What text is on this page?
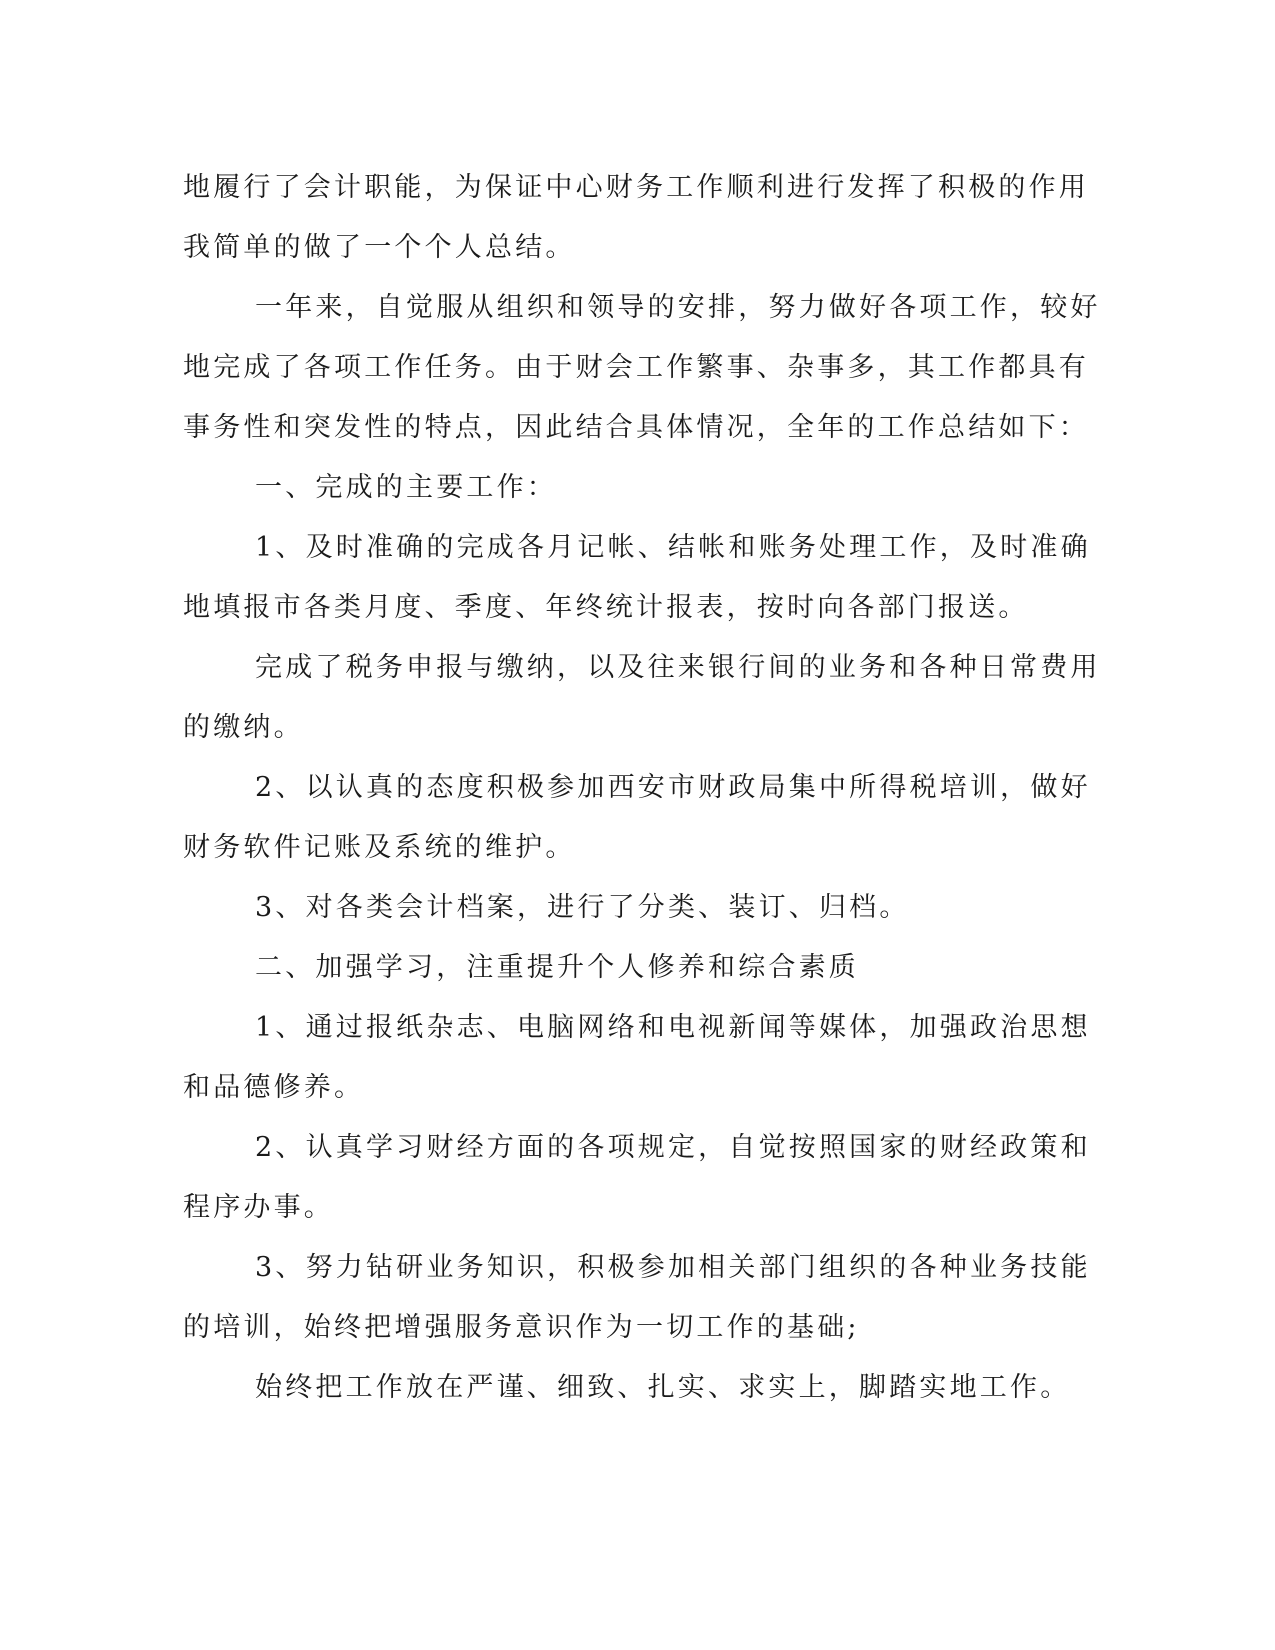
地履行了会计职能，为保证中心财务工作顺利进行发挥了积极的作用
我简单的做了一个个人总结。
一年来，自觉服从组织和领导的安排，努力做好各项工作，较好
地完成了各项工作任务。由于财会工作繁事、杂事多，其工作都具有
事务性和突发性的特点，因此结合具体情况，全年的工作总结如下：
一、完成的主要工作：
1、及时准确的完成各月记帐、结帐和账务处理工作，及时准确
地填报市各类月度、季度、年终统计报表，按时向各部门报送。
完成了税务申报与缴纳，以及往来银行间的业务和各种日常费用
的缴纳。
2、以认真的态度积极参加西安市财政局集中所得税培训，做好
财务软件记账及系统的维护。
3、对各类会计档案，进行了分类、装订、归档。
二、加强学习，注重提升个人修养和综合素质
1、通过报纸杂志、电脑网络和电视新闻等媒体，加强政治思想
和品德修养。
2、认真学习财经方面的各项规定，自觉按照国家的财经政策和
程序办事。
3、努力钻研业务知识，积极参加相关部门组织的各种业务技能
的培训，始终把增强服务意识作为一切工作的基础;
始终把工作放在严谨、细致、扎实、求实上，脚踏实地工作。
